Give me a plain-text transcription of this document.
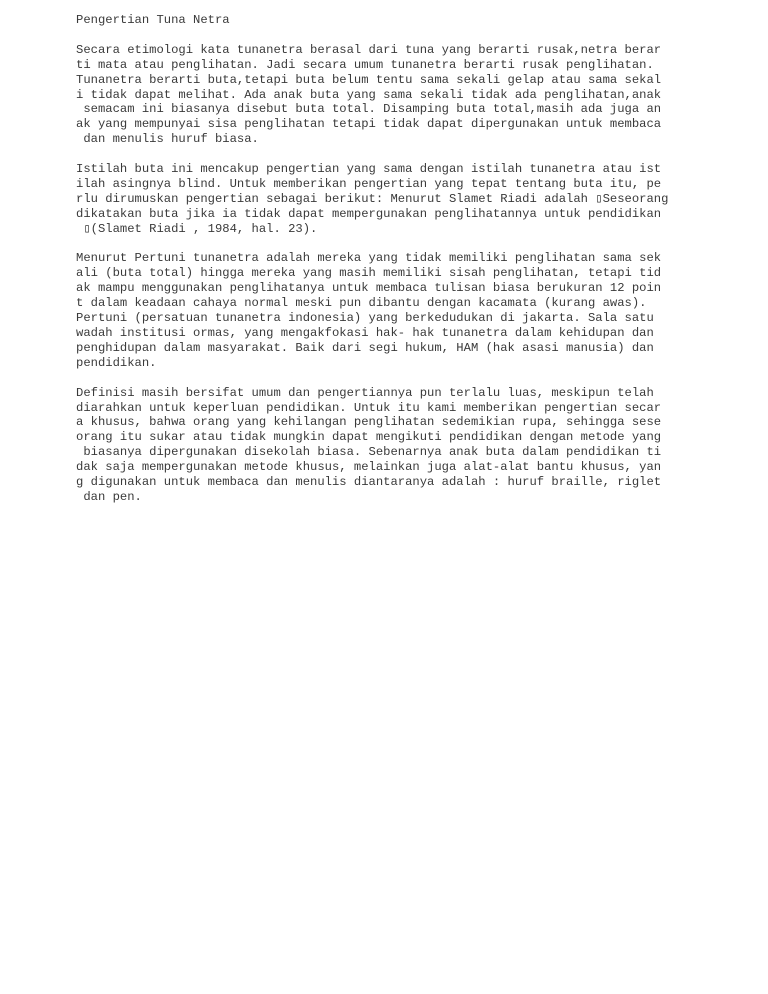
Pengertian Tuna Netra
Secara etimologi kata tunanetra berasal dari tuna yang berarti rusak,netra berar
ti mata atau penglihatan. Jadi secara umum tunanetra berarti rusak penglihatan.
Tunanetra berarti buta,tetapi buta belum tentu sama sekali gelap atau sama sekal
i tidak dapat melihat. Ada anak buta yang sama sekali tidak ada penglihatan,anak
semacam ini biasanya disebut buta total. Disamping buta total,masih ada juga an
ak yang mempunyai sisa penglihatan tetapi tidak dapat dipergunakan untuk membaca
dan menulis huruf biasa.
Istilah buta ini mencakup pengertian yang sama dengan istilah tunanetra atau ist
ilah asingnya blind. Untuk memberikan pengertian yang tepat tentang buta itu, pe
rlu dirumuskan pengertian sebagai berikut: Menurut Slamet Riadi adalah ▯Seseorang
dikatakan buta jika ia tidak dapat mempergunakan penglihatannya untuk pendidikan
▯(Slamet Riadi , 1984, hal. 23).
Menurut Pertuni tunanetra adalah mereka yang tidak memiliki penglihatan sama sek
ali (buta total) hingga mereka yang masih memiliki sisah penglihatan, tetapi tid
ak mampu menggunakan penglihatanya untuk membaca tulisan biasa berukuran 12 poin
t dalam keadaan cahaya normal meski pun dibantu dengan kacamata (kurang awas).
Pertuni (persatuan tunanetra indonesia) yang berkedudukan di jakarta. Sala satu
wadah institusi ormas, yang mengakfokasi hak- hak tunanetra dalam kehidupan dan
penghidupan dalam masyarakat. Baik dari segi hukum, HAM (hak asasi manusia) dan
pendidikan.
Definisi masih bersifat umum dan pengertiannya pun terlalu luas, meskipun telah
diarahkan untuk keperluan pendidikan. Untuk itu kami memberikan pengertian secar
a khusus, bahwa orang yang kehilangan penglihatan sedemikian rupa, sehingga sese
orang itu sukar atau tidak mungkin dapat mengikuti pendidikan dengan metode yang
biasanya dipergunakan disekolah biasa. Sebenarnya anak buta dalam pendidikan ti
dak saja mempergunakan metode khusus, melainkan juga alat-alat bantu khusus, yan
g digunakan untuk membaca dan menulis diantaranya adalah : huruf braille, riglet
dan pen.
